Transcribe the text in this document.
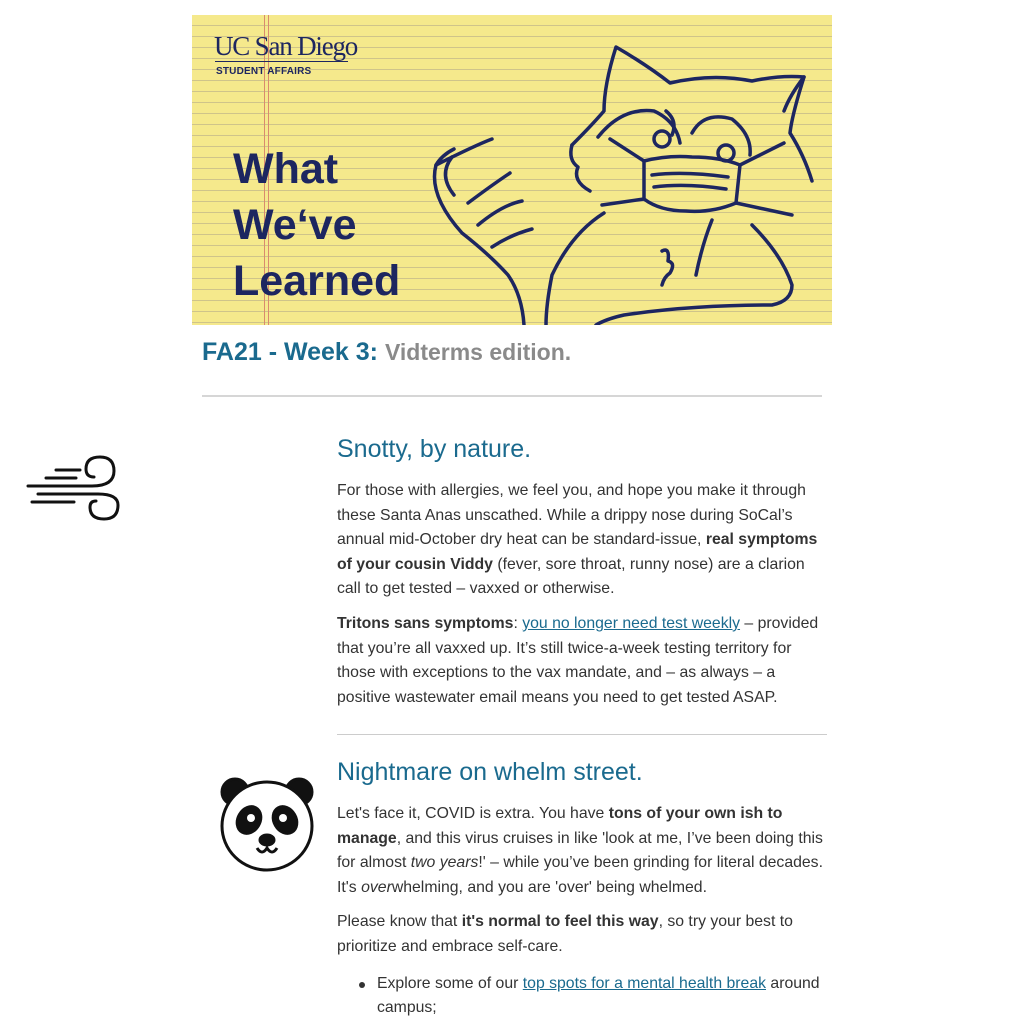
UC San Diego

STUDENT AFFAIRS

What
We‘ve
Learned
FA21 - Week 3: Vidterms edition.
Snotty, by nature.

For those with allergies, we feel you, and hope you make it through these Santa Anas unscathed. While a drippy nose during SoCal’s annual mid-October dry heat can be standard-issue, real symptoms of your cousin Viddy (fever, sore throat, runny nose) are a clarion call to get tested – vaxxed or otherwise.

Tritons sans symptoms: you no longer need test weekly – provided that you’re all vaxxed up. It’s still twice-a-week testing territory for those with exceptions to the vax mandate, and – as always – a positive wastewater email means you need to get tested ASAP.

Nightmare on whelm street.

Let's face it, COVID is extra. You have tons of your own ish to manage, and this virus cruises in like 'look at me, I’ve been doing this for almost two years!' – while you’ve been grinding for literal decades. It's overwhelming, and you are 'over' being whelmed.

Please know that it's normal to feel this way, so try your best to prioritize and embrace self-care.

Explore some of our top spots for a mental health break around campus;
